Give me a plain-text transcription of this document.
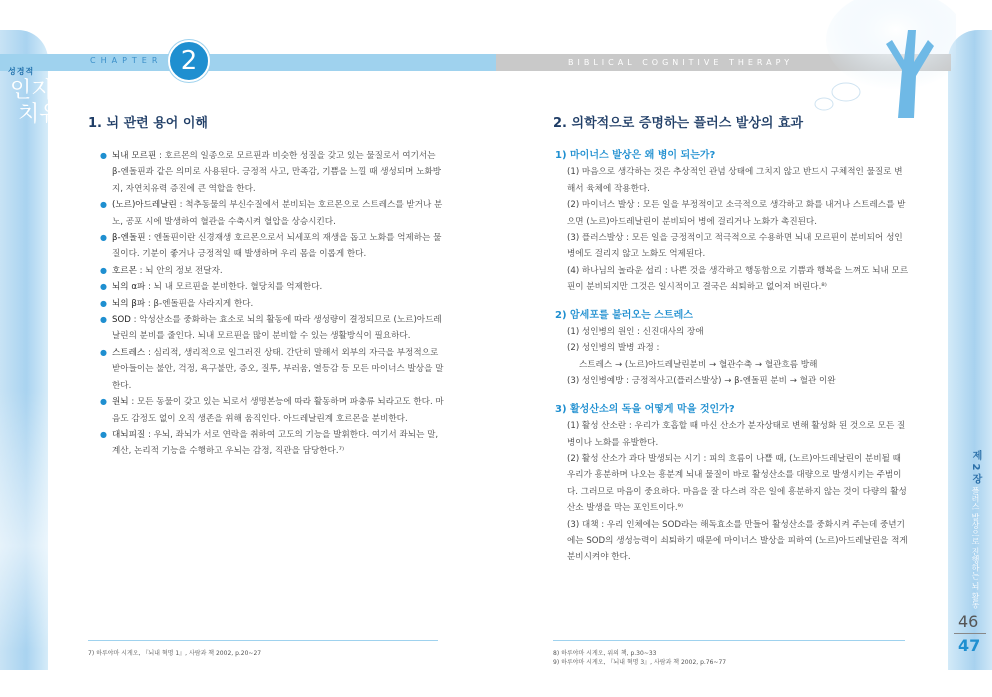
CHAPTER 2	BIBLICAL COGNITIVE THERAPY
성경적
인지
치유
제 2 장 플러스 발상으로 진행하는 뇌 활동
46
47
1. 뇌 관련 용어 이해
● 뇌내 모르핀 : 호르몬의 일종으로 모르핀과 비슷한 성질을 갖고 있는 물질로서 여기서는 β-엔돌핀과 같은 의미로 사용된다. 긍정적 사고, 만족감, 기쁨을 느낄 때 생성되며 노화방지, 자연치유력 증진에 큰 역할을 한다.
● (노르)아드레날린 : 척추동물의 부신수질에서 분비되는 호르몬으로 스트레스를 받거나 분노, 공포 시에 발생하여 혈관을 수축시켜 혈압을 상승시킨다.
● β-엔돌핀 : 엔돌핀이란 신경재생 호르몬으로서 뇌세포의 재생을 돕고 노화를 억제하는 물질이다. 기분이 좋거나 긍정적일 때 발생하며 우리 몸을 이롭게 한다.
● 호르몬 : 뇌 안의 정보 전달자.
● 뇌의 α파 : 뇌 내 모르핀을 분비한다. 혈당치를 억제한다.
● 뇌의 β파 : β-엔돌핀을 사라지게 한다.
● SOD : 악성산소를 중화하는 효소로 뇌의 활동에 따라 생성량이 결정되므로 (노르)아드레날린의 분비를 줄인다. 뇌내 모르핀을 많이 분비할 수 있는 생활방식이 필요하다.
● 스트레스 : 심리적, 생리적으로 일그러진 상태. 간단히 말해서 외부의 자극을 부정적으로 받아들이는 불안, 걱정, 욕구불만, 증오, 질투, 부러움, 열등감 등 모든 마이너스 발상을 말한다.
● 원뇌 : 모든 동물이 갖고 있는 뇌로서 생명본능에 따라 활동하며 파충류 뇌라고도 한다. 마음도 감정도 없이 오직 생존을 위해 움직인다. 아드레날린계 호르몬을 분비한다.
● 대뇌피질 : 우뇌, 좌뇌가 서로 연락을 취하여 고도의 기능을 발휘한다. 여기서 좌뇌는 말, 계산, 논리적 기능을 수행하고 우뇌는 감정, 직관을 담당한다.⁷⁾
7) 하루야마 시게오, 『뇌내 혁명 1』, 사람과 책 2002, p.20~27
2. 의학적으로 증명하는 플러스 발상의 효과

1) 마이너스 발상은 왜 병이 되는가?

(1) 마음으로 생각하는 것은 추상적인 관념 상태에 그치지 않고 반드시 구체적인 물질로 변해서 육체에 작용한다.
(2) 마이너스 발상 : 모든 일을 부정적이고 소극적으로 생각하고 화를 내거나 스트레스를 받으면 (노르)아드레날린이 분비되어 병에 걸리거나 노화가 촉진된다.
(3) 플러스발상 : 모든 일을 긍정적이고 적극적으로 수용하면 뇌내 모르핀이 분비되어 성인병에도 걸리지 않고 노화도 억제된다.
(4) 하나님의 놀라운 섭리 : 나쁜 것을 생각하고 행동함으로 기쁨과 행복을 느껴도 뇌내 모르핀이 분비되지만 그것은 일시적이고 결국은 쇠퇴하고 없어져 버린다.⁸⁾

2) 암세포를 불러오는 스트레스

(1) 성인병의 원인 : 신진대사의 장애
(2) 성인병의 발병 과정 :
스트레스 → (노르)아드레날린분비 → 혈관수축 → 혈관흐름 방해
(3) 성인병예방 : 긍정적사고(플러스발상) → β-엔돌핀 분비 → 혈관 이완

3) 활성산소의 독을 어떻게 막을 것인가?

(1) 활성 산소란 : 우리가 호흡할 때 마신 산소가 분자상태로 변해 활성화 된 것으로 모든 질병이나 노화를 유발한다.
(2) 활성 산소가 과다 발생되는 시기 : 피의 흐름이 나쁠 때, (노르)아드레날린이 분비될 때 우리가 흥분하며 나오는 흥분계 뇌내 물질이 바로 활성산소를 대량으로 발생시키는 주범이다. 그러므로 마음이 중요하다. 마음을 잘 다스려 작은 일에 흥분하지 않는 것이 다량의 활성 산소 발생을 막는 포인트이다.⁹⁾
(3) 대책 : 우리 인체에는 SOD라는 해독효소를 만들어 활성산소를 중화시켜 주는데 중년기에는 SOD의 생성능력이 쇠퇴하기 때문에 마이너스 발상을 피하여 (노르)아드레날린을 적게 분비시켜야 한다.
8) 하루야마 시게오, 위의 책, p.30~33
9) 하루야마 시게오, 『뇌내 혁명 3』, 사람과 책 2002, p.76~77
